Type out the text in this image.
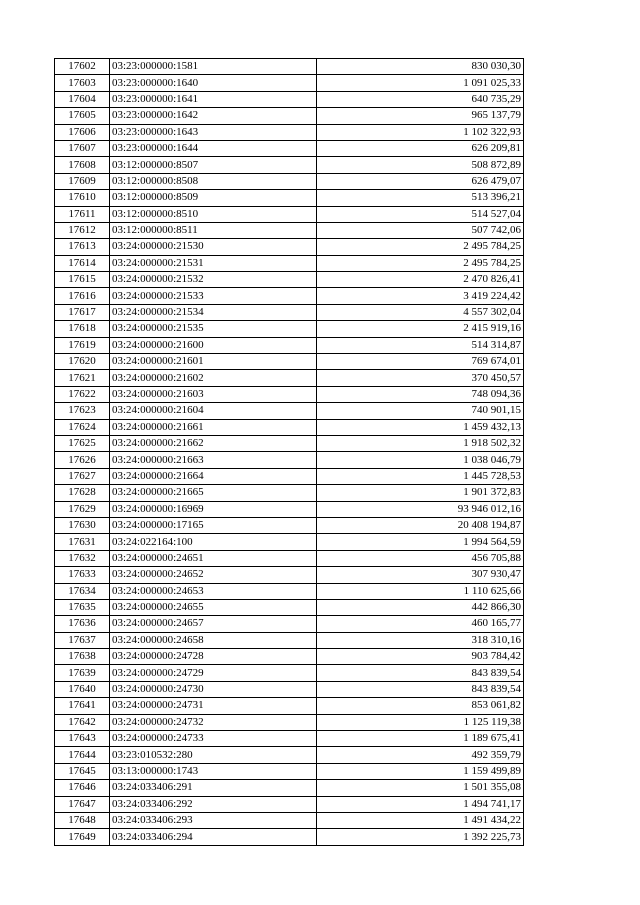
17602	03:23:000000:1581	830 030,30
17603	03:23:000000:1640	1 091 025,33
17604	03:23:000000:1641	640 735,29
17605	03:23:000000:1642	965 137,79
17606	03:23:000000:1643	1 102 322,93
17607	03:23:000000:1644	626 209,81
17608	03:12:000000:8507	508 872,89
17609	03:12:000000:8508	626 479,07
17610	03:12:000000:8509	513 396,21
17611	03:12:000000:8510	514 527,04
17612	03:12:000000:8511	507 742,06
17613	03:24:000000:21530	2 495 784,25
17614	03:24:000000:21531	2 495 784,25
17615	03:24:000000:21532	2 470 826,41
17616	03:24:000000:21533	3 419 224,42
17617	03:24:000000:21534	4 557 302,04
17618	03:24:000000:21535	2 415 919,16
17619	03:24:000000:21600	514 314,87
17620	03:24:000000:21601	769 674,01
17621	03:24:000000:21602	370 450,57
17622	03:24:000000:21603	748 094,36
17623	03:24:000000:21604	740 901,15
17624	03:24:000000:21661	1 459 432,13
17625	03:24:000000:21662	1 918 502,32
17626	03:24:000000:21663	1 038 046,79
17627	03:24:000000:21664	1 445 728,53
17628	03:24:000000:21665	1 901 372,83
17629	03:24:000000:16969	93 946 012,16
17630	03:24:000000:17165	20 408 194,87
17631	03:24:022164:100	1 994 564,59
17632	03:24:000000:24651	456 705,88
17633	03:24:000000:24652	307 930,47
17634	03:24:000000:24653	1 110 625,66
17635	03:24:000000:24655	442 866,30
17636	03:24:000000:24657	460 165,77
17637	03:24:000000:24658	318 310,16
17638	03:24:000000:24728	903 784,42
17639	03:24:000000:24729	843 839,54
17640	03:24:000000:24730	843 839,54
17641	03:24:000000:24731	853 061,82
17642	03:24:000000:24732	1 125 119,38
17643	03:24:000000:24733	1 189 675,41
17644	03:23:010532:280	492 359,79
17645	03:13:000000:1743	1 159 499,89
17646	03:24:033406:291	1 501 355,08
17647	03:24:033406:292	1 494 741,17
17648	03:24:033406:293	1 491 434,22
17649	03:24:033406:294	1 392 225,73
